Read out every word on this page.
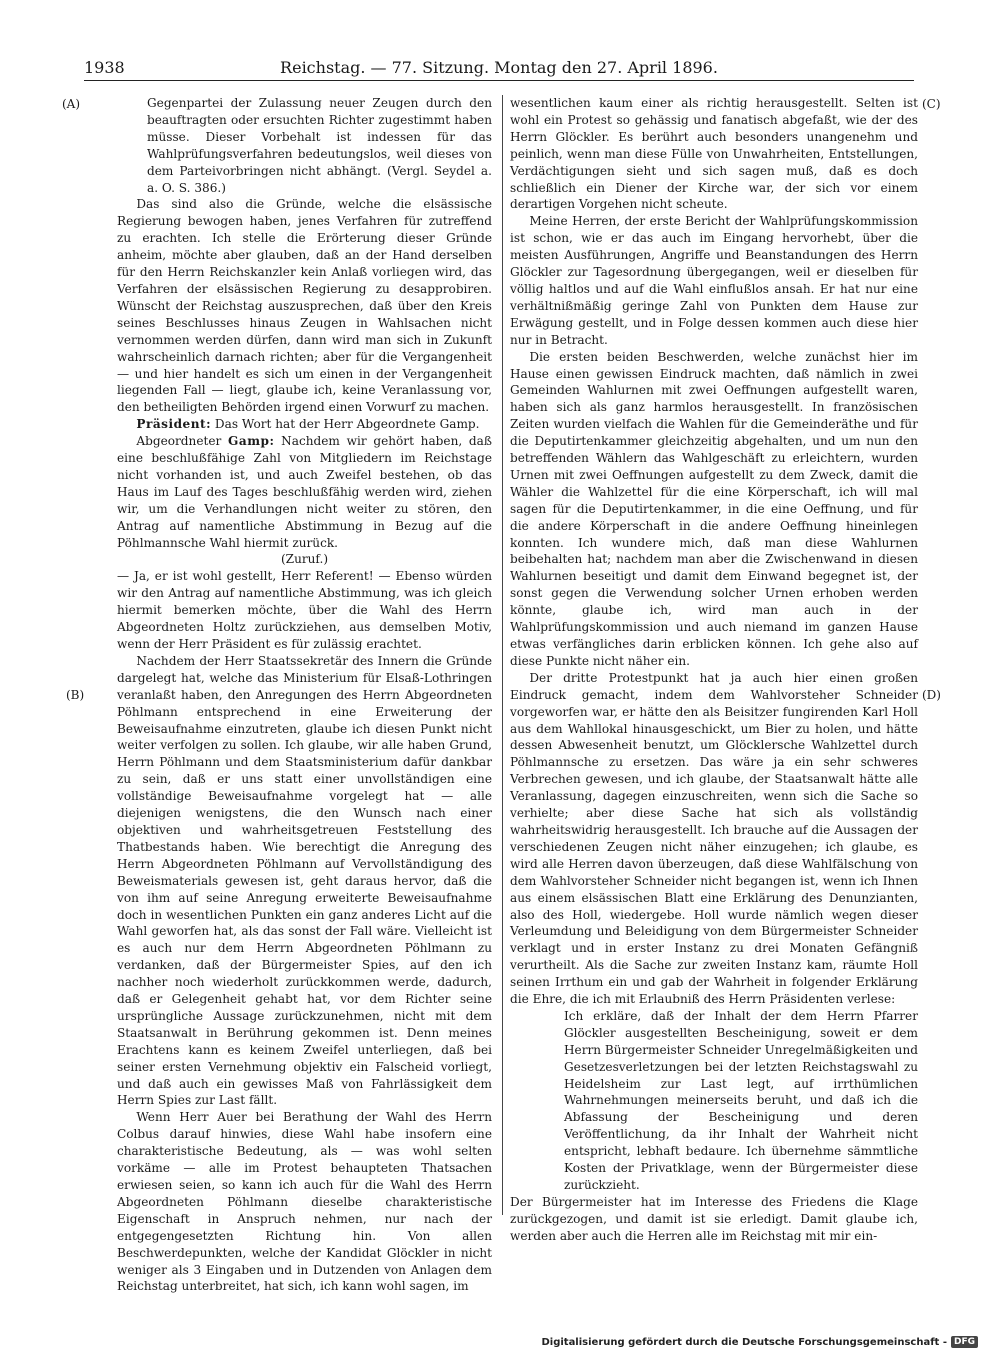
1938	Reichstag. — 77. Sitzung. Montag den 27. April 1896.
(A)
(B)
(C)
(D)

Gegenpartei der Zulassung neuer Zeugen durch den beauftragten oder ersuchten Richter zugestimmt haben müsse. Dieser Vorbehalt ist indessen für das Wahlprüfungsverfahren bedeutungslos, weil dieses von dem Parteivorbringen nicht abhängt. (Vergl. Seydel a. a. O. S. 386.)

Das sind also die Gründe, welche die elsässische Regierung bewogen haben, jenes Verfahren für zutreffend zu erachten. Ich stelle die Erörterung dieser Gründe anheim, möchte aber glauben, daß an der Hand derselben für den Herrn Reichskanzler kein Anlaß vorliegen wird, das Verfahren der elsässischen Regierung zu desapprobiren. Wünscht der Reichstag auszusprechen, daß über den Kreis seines Beschlusses hinaus Zeugen in Wahlsachen nicht vernommen werden dürfen, dann wird man sich in Zukunft wahrscheinlich darnach richten; aber für die Vergangenheit — und hier handelt es sich um einen in der Vergangenheit liegenden Fall — liegt, glaube ich, keine Veranlassung vor, den betheiligten Behörden irgend einen Vorwurf zu machen.

Präsident: Das Wort hat der Herr Abgeordnete Gamp.

Abgeordneter Gamp: Nachdem wir gehört haben, daß eine beschlußfähige Zahl von Mitgliedern im Reichstage nicht vorhanden ist, und auch Zweifel bestehen, ob das Haus im Lauf des Tages beschlußfähig werden wird, ziehen wir, um die Verhandlungen nicht weiter zu stören, den Antrag auf namentliche Abstimmung in Bezug auf die Pöhlmannsche Wahl hiermit zurück.

(Zuruf.)

— Ja, er ist wohl gestellt, Herr Referent! — Ebenso würden wir den Antrag auf namentliche Abstimmung, was ich gleich hiermit bemerken möchte, über die Wahl des Herrn Abgeordneten Holtz zurückziehen, aus demselben Motiv, wenn der Herr Präsident es für zulässig erachtet.

Nachdem der Herr Staatssekretär des Innern die Gründe dargelegt hat, welche das Ministerium für Elsaß-Lothringen veranlaßt haben, den Anregungen des Herrn Abgeordneten Pöhlmann entsprechend in eine Erweiterung der Beweisaufnahme einzutreten, glaube ich diesen Punkt nicht weiter verfolgen zu sollen. Ich glaube, wir alle haben Grund, Herrn Pöhlmann und dem Staatsministerium dafür dankbar zu sein, daß er uns statt einer unvollständigen eine vollständige Beweisaufnahme vorgelegt hat — alle diejenigen wenigstens, die den Wunsch nach einer objektiven und wahrheitsgetreuen Feststellung des Thatbestands haben. Wie berechtigt die Anregung des Herrn Abgeordneten Pöhlmann auf Vervollständigung des Beweismaterials gewesen ist, geht daraus hervor, daß die von ihm auf seine Anregung erweiterte Beweisaufnahme doch in wesentlichen Punkten ein ganz anderes Licht auf die Wahl geworfen hat, als das sonst der Fall wäre. Vielleicht ist es auch nur dem Herrn Abgeordneten Pöhlmann zu verdanken, daß der Bürgermeister Spies, auf den ich nachher noch wiederholt zurückkommen werde, dadurch, daß er Gelegenheit gehabt hat, vor dem Richter seine ursprüngliche Aussage zurückzunehmen, nicht mit dem Staatsanwalt in Berührung gekommen ist. Denn meines Erachtens kann es keinem Zweifel unterliegen, daß bei seiner ersten Vernehmung objektiv ein Falscheid vorliegt, und daß auch ein gewisses Maß von Fahrlässigkeit dem Herrn Spies zur Last fällt.

Wenn Herr Auer bei Berathung der Wahl des Herrn Colbus darauf hinwies, diese Wahl habe insofern eine charakteristische Bedeutung, als — was wohl selten vorkäme — alle im Protest behaupteten Thatsachen erwiesen seien, so kann ich auch für die Wahl des Herrn Abgeordneten Pöhlmann dieselbe charakteristische Eigenschaft in Anspruch nehmen, nur nach der entgegengesetzten Richtung hin. Von allen Beschwerdepunkten, welche der Kandidat Glöckler in nicht weniger als 3 Eingaben und in Dutzenden von Anlagen dem Reichstag unterbreitet, hat sich, ich kann wohl sagen, im

wesentlichen kaum einer als richtig herausgestellt. Selten ist wohl ein Protest so gehässig und fanatisch abgefaßt, wie der des Herrn Glöckler. Es berührt auch besonders unangenehm und peinlich, wenn man diese Fülle von Unwahrheiten, Entstellungen, Verdächtigungen sieht und sich sagen muß, daß es doch schließlich ein Diener der Kirche war, der sich vor einem derartigen Vorgehen nicht scheute.

Meine Herren, der erste Bericht der Wahlprüfungskommission ist schon, wie er das auch im Eingang hervorhebt, über die meisten Ausführungen, Angriffe und Beanstandungen des Herrn Glöckler zur Tagesordnung übergegangen, weil er dieselben für völlig haltlos und auf die Wahl einflußlos ansah. Er hat nur eine verhältnißmäßig geringe Zahl von Punkten dem Hause zur Erwägung gestellt, und in Folge dessen kommen auch diese hier nur in Betracht.

Die ersten beiden Beschwerden, welche zunächst hier im Hause einen gewissen Eindruck machten, daß nämlich in zwei Gemeinden Wahlurnen mit zwei Oeffnungen aufgestellt waren, haben sich als ganz harmlos herausgestellt. In französischen Zeiten wurden vielfach die Wahlen für die Gemeinderäthe und für die Deputirtenkammer gleichzeitig abgehalten, und um nun den betreffenden Wählern das Wahlgeschäft zu erleichtern, wurden Urnen mit zwei Oeffnungen aufgestellt zu dem Zweck, damit die Wähler die Wahlzettel für die eine Körperschaft, ich will mal sagen für die Deputirtenkammer, in die eine Oeffnung, und für die andere Körperschaft in die andere Oeffnung hineinlegen konnten. Ich wundere mich, daß man diese Wahlurnen beibehalten hat; nachdem man aber die Zwischenwand in diesen Wahlurnen beseitigt und damit dem Einwand begegnet ist, der sonst gegen die Verwendung solcher Urnen erhoben werden könnte, glaube ich, wird man auch in der Wahlprüfungskommission und auch niemand im ganzen Hause etwas verfängliches darin erblicken können. Ich gehe also auf diese Punkte nicht näher ein.

Der dritte Protestpunkt hat ja auch hier einen großen Eindruck gemacht, indem dem Wahlvorsteher Schneider vorgeworfen war, er hätte den als Beisitzer fungirenden Karl Holl aus dem Wahllokal hinausgeschickt, um Bier zu holen, und hätte dessen Abwesenheit benutzt, um Glöcklersche Wahlzettel durch Pöhlmannsche zu ersetzen. Das wäre ja ein sehr schweres Verbrechen gewesen, und ich glaube, der Staatsanwalt hätte alle Veranlassung, dagegen einzuschreiten, wenn sich die Sache so verhielte; aber diese Sache hat sich als vollständig wahrheitswidrig herausgestellt. Ich brauche auf die Aussagen der verschiedenen Zeugen nicht näher einzugehen; ich glaube, es wird alle Herren davon überzeugen, daß diese Wahlfälschung von dem Wahlvorsteher Schneider nicht begangen ist, wenn ich Ihnen aus einem elsässischen Blatt eine Erklärung des Denunzianten, also des Holl, wiedergebe. Holl wurde nämlich wegen dieser Verleumdung und Beleidigung von dem Bürgermeister Schneider verklagt und in erster Instanz zu drei Monaten Gefängniß verurtheilt. Als die Sache zur zweiten Instanz kam, räumte Holl seinen Irrthum ein und gab der Wahrheit in folgender Erklärung die Ehre, die ich mit Erlaubniß des Herrn Präsidenten verlese:

Ich erkläre, daß der Inhalt der dem Herrn Pfarrer Glöckler ausgestellten Bescheinigung, soweit er dem Herrn Bürgermeister Schneider Unregelmäßigkeiten und Gesetzesverletzungen bei der letzten Reichstagswahl zu Heidelsheim zur Last legt, auf irrthümlichen Wahrnehmungen meinerseits beruht, und daß ich die Abfassung der Bescheinigung und deren Veröffentlichung, da ihr Inhalt der Wahrheit nicht entspricht, lebhaft bedaure. Ich übernehme sämmtliche Kosten der Privatklage, wenn der Bürgermeister diese zurückzieht.

Der Bürgermeister hat im Interesse des Friedens die Klage zurückgezogen, und damit ist sie erledigt. Damit glaube ich, werden aber auch die Herren alle im Reichstag mit mir ein-

Digitalisierung gefördert durch die Deutsche Forschungsgemeinschaft - DFG
